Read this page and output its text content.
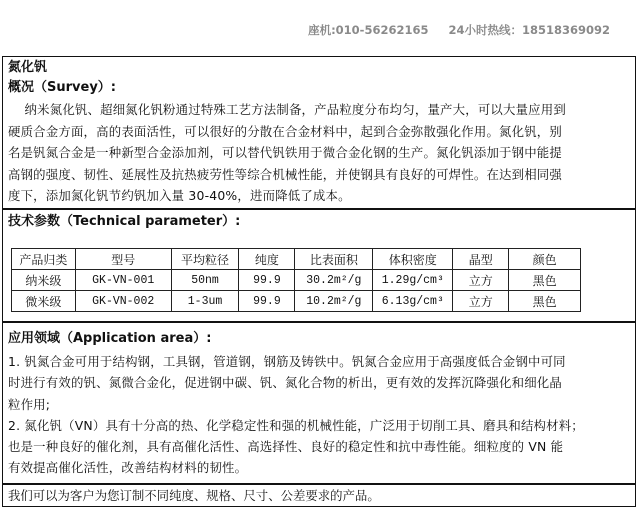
座机:010-56262165 24小时热线：18518369092
氮化钒
概况（Survey）:
纳米氮化钒、超细氮化钒粉通过特殊工艺方法制备，产品粒度分布均匀，量产大，可以大量应用到
硬质合金方面，高的表面活性，可以很好的分散在合金材料中，起到合金弥散强化作用。氮化钒，别
名是钒氮合金是一种新型合金添加剂，可以替代钒铁用于微合金化钢的生产。氮化钒添加于钢中能提
高钢的强度、韧性、延展性及抗热疲劳性等综合机械性能，并使钢具有良好的可焊性。在达到相同强
度下，添加氮化钒节约钒加入量 30-40%，进而降低了成本。
技术参数（Technical parameter）:
产品归类	型号	平均粒径	纯度	比表面积	体积密度	晶型	颜色
纳米级	GK-VN-001	50nm	99.9	30.2m²/g	1.29g/cm³	立方	黑色
微米级	GK-VN-002	1-3um	99.9	10.2m²/g	6.13g/cm³	立方	黑色
应用领域（Application area）:
1. 钒氮合金可用于结构钢，工具钢，管道钢，钢筋及铸铁中。钒氮合金应用于高强度低合金钢中可同
时进行有效的钒、氮微合金化，促进钢中碳、钒、氮化合物的析出，更有效的发挥沉降强化和细化晶
粒作用;
2. 氮化钒（VN）具有十分高的热、化学稳定性和强的机械性能，广泛用于切削工具、磨具和结构材料；
也是一种良好的催化剂，具有高催化活性、高选择性、良好的稳定性和抗中毒性能。细粒度的 VN 能
有效提高催化活性，改善结构材料的韧性。
我们可以为客户为您订制不同纯度、规格、尺寸、公差要求的产品。
